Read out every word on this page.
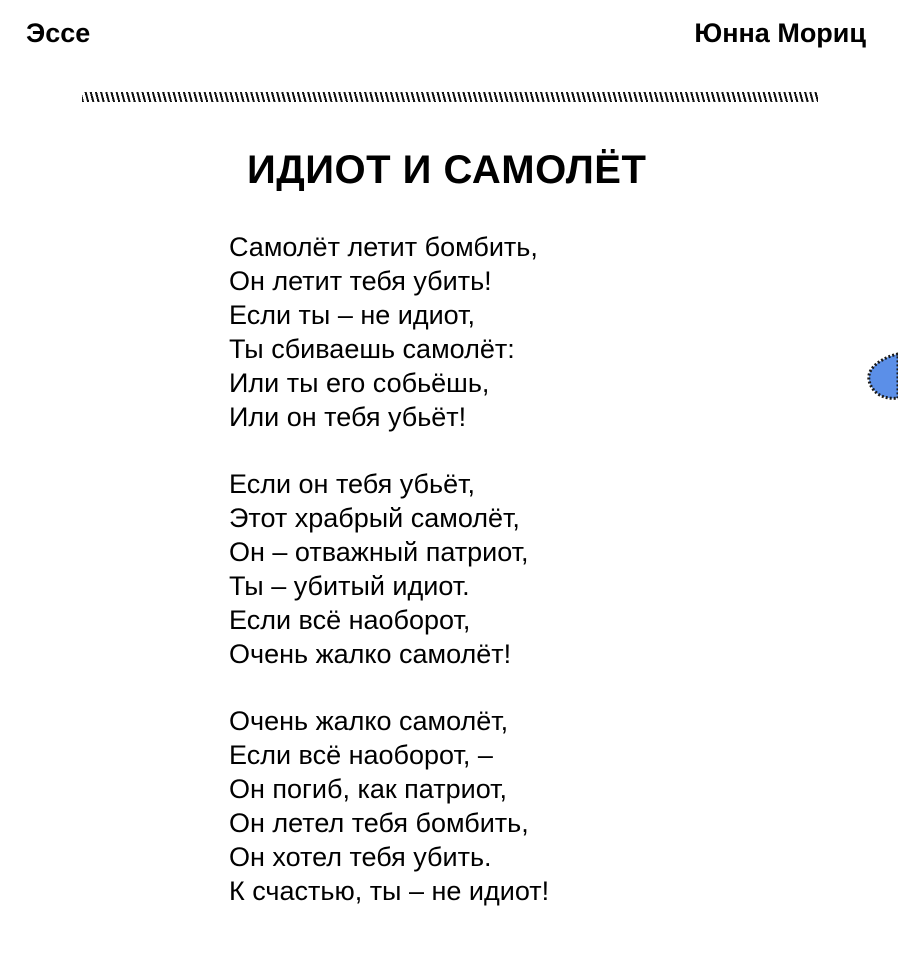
Эссе	Юнна Мориц
ИДИОТ И САМОЛЁТ
Самолёт летит бомбить,
Он летит тебя убить!
Если ты – не идиот,
Ты сбиваешь самолёт:
Или ты его собьёшь,
Или он тебя убьёт!
Если он тебя убьёт,
Этот храбрый самолёт,
Он – отважный патриот,
Ты – убитый идиот.
Если всё наоборот,
Очень жалко самолёт!
Очень жалко самолёт,
Если всё наоборот, –
Он погиб, как патриот,
Он летел тебя бомбить,
Он хотел тебя убить.
К счастью, ты – не идиот!
